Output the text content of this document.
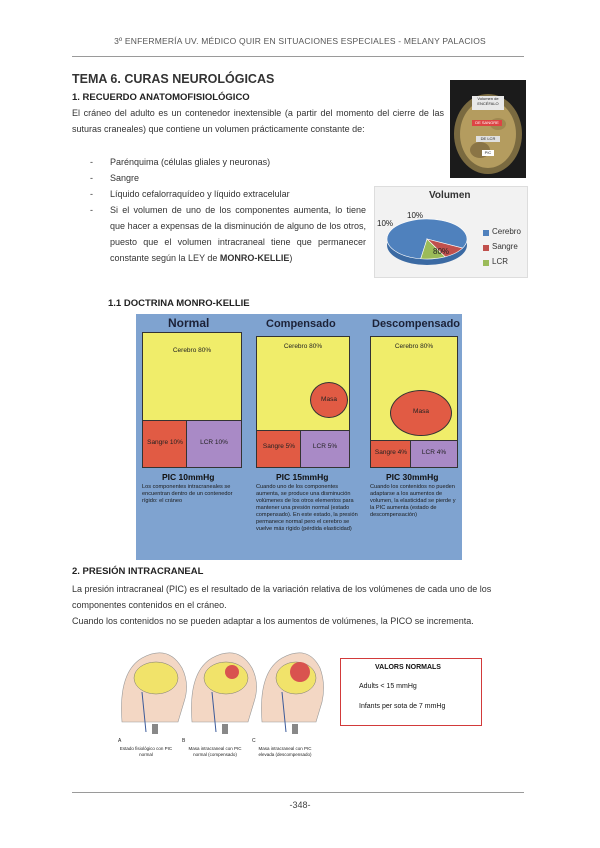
3º ENFERMERÍA UV. MÉDICO QUIR EN SITUACIONES ESPECIALES - MELANY PALACIOS
TEMA 6. CURAS NEUROLÓGICAS

1. RECUERDO ANATOMOFISIOLÓGICO

El cráneo del adulto es un contenedor inextensible (a partir del momento del cierre de las suturas craneales) que contiene un volumen prácticamente constante de:

- Parénquima (células gliales y neuronas)
- Sangre
- Líquido cefalorraquídeo y líquido extracelular
- Si el volumen de uno de los componentes aumenta, lo tiene que hacer a expensas de la disminución de alguno de los otros, puesto que el volumen intracraneal tiene que permanecer constante según la LEY de MONRO-KELLIE)
Volumen de ENCÉFALO
DE SANGRE
DE LCR
PIC
Volumen
10%
10%
80%
Cerebro
Sangre
LCR

1.1 DOCTRINA MONRO-KELLIE

Normal
Cerebro 80%
Sangre 10%	LCR 10%
PIC 10mmHg
Los componentes intracraneales se encuentran dentro de un contenedor rígido: el cráneo
Compensado
Cerebro 80%
Masa
Sangre 5%	LCR 5%
PIC 15mmHg
Cuando uno de los componentes aumenta, se produce una disminución volúmenes de los otros elementos para mantener una presión normal (estado compensado). En este estado, la presión permanece normal pero el cerebro se vuelve más rígido (pérdida elasticidad)
Descompensado
Cerebro 80%
Masa
Sangre 4%	LCR 4%
PIC 30mmHg
Cuando los contenidos no pueden adaptarse a los aumentos de volumen, la elasticidad se pierde y la PIC aumenta (estado de descompensación)

2. PRESIÓN INTRACRANEAL

La presión intracraneal (PIC) es el resultado de la variación relativa de los volúmenes de cada uno de los componentes contenidos en el cráneo.

Cuando los contenidos no se pueden adaptar a los aumentos de volúmenes, la PICO se incrementa.

A	B	C
Estado fisiológico con PIC normal
Masa intracraneal con PIC normal (compensado)
Masa intracraneal con PIC elevada (descompensado)
VALORS NORMALS
Adults < 15 mmHg
Infants per sota de 7 mmHg
-348-
